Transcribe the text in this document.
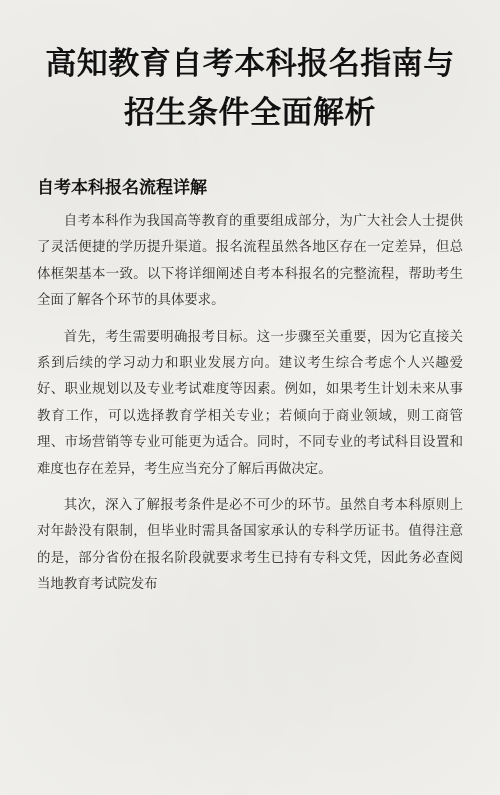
高知教育自考本科报名指南与
招生条件全面解析
自考本科报名流程详解

自考本科作为我国高等教育的重要组成部分，为广大社会人士提供了灵活便捷的学历提升渠道。报名流程虽然各地区存在一定差异，但总体框架基本一致。以下将详细阐述自考本科报名的完整流程，帮助考生全面了解各个环节的具体要求。

首先，考生需要明确报考目标。这一步骤至关重要，因为它直接关系到后续的学习动力和职业发展方向。建议考生综合考虑个人兴趣爱好、职业规划以及专业考试难度等因素。例如，如果考生计划未来从事教育工作，可以选择教育学相关专业；若倾向于商业领域，则工商管理、市场营销等专业可能更为适合。同时，不同专业的考试科目设置和难度也存在差异，考生应当充分了解后再做决定。

其次，深入了解报考条件是必不可少的环节。虽然自考本科原则上对年龄没有限制，但毕业时需具备国家承认的专科学历证书。值得注意的是，部分省份在报名阶段就要求考生已持有专科文凭，因此务必查阅当地教育考试院发布
